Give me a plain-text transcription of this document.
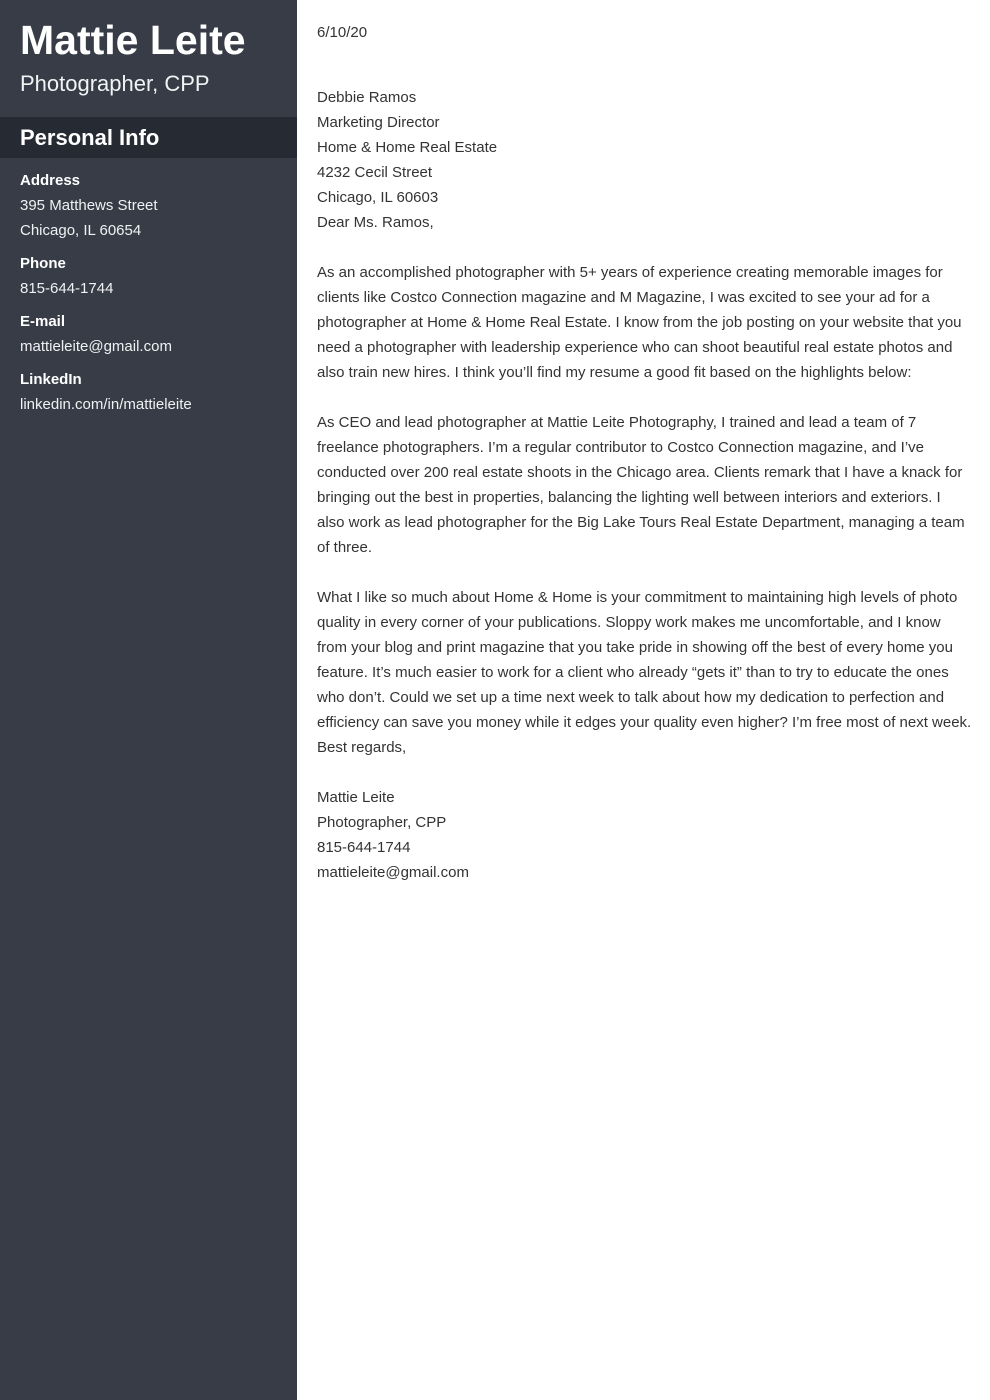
Mattie Leite
Photographer, CPP
Personal Info
Address
395 Matthews Street
Chicago, IL 60654
Phone
815-644-1744
E-mail
mattieleite@gmail.com
LinkedIn
linkedin.com/in/mattieleite

6/10/20

Debbie Ramos

Marketing Director

Home & Home Real Estate

4232 Cecil Street

Chicago, IL 60603

Dear Ms. Ramos,

As an accomplished photographer with 5+ years of experience creating memorable images for clients like Costco Connection magazine and M Magazine, I was excited to see your ad for a photographer at Home & Home Real Estate. I know from the job posting on your website that you need a photographer with leadership experience who can shoot beautiful real estate photos and also train new hires. I think you’ll find my resume a good fit based on the highlights below:

As CEO and lead photographer at Mattie Leite Photography, I trained and lead a team of 7 freelance photographers. I’m a regular contributor to Costco Connection magazine, and I’ve conducted over 200 real estate shoots in the Chicago area. Clients remark that I have a knack for bringing out the best in properties, balancing the lighting well between interiors and exteriors. I also work as lead photographer for the Big Lake Tours Real Estate Department, managing a team of three.

What I like so much about Home & Home is your commitment to maintaining high levels of photo quality in every corner of your publications. Sloppy work makes me uncomfortable, and I know from your blog and print magazine that you take pride in showing off the best of every home you feature. It’s much easier to work for a client who already “gets it” than to try to educate the ones who don’t. Could we set up a time next week to talk about how my dedication to perfection and efficiency can save you money while it edges your quality even higher? I’m free most of next week.

Best regards,

Mattie Leite

Photographer, CPP

815-644-1744

mattieleite@gmail.com
